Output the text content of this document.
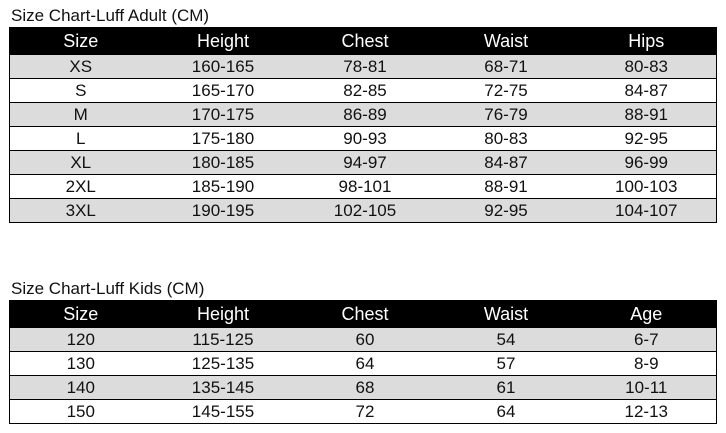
Size Chart-Luff Adult (CM)
Size	Height	Chest	Waist	Hips
XS	160-165	78-81	68-71	80-83
S	165-170	82-85	72-75	84-87
M	170-175	86-89	76-79	88-91
L	175-180	90-93	80-83	92-95
XL	180-185	94-97	84-87	96-99
2XL	185-190	98-101	88-91	100-103
3XL	190-195	102-105	92-95	104-107
Size Chart-Luff Kids (CM)
Size	Height	Chest	Waist	Age
120	115-125	60	54	6-7
130	125-135	64	57	8-9
140	135-145	68	61	10-11
150	145-155	72	64	12-13
